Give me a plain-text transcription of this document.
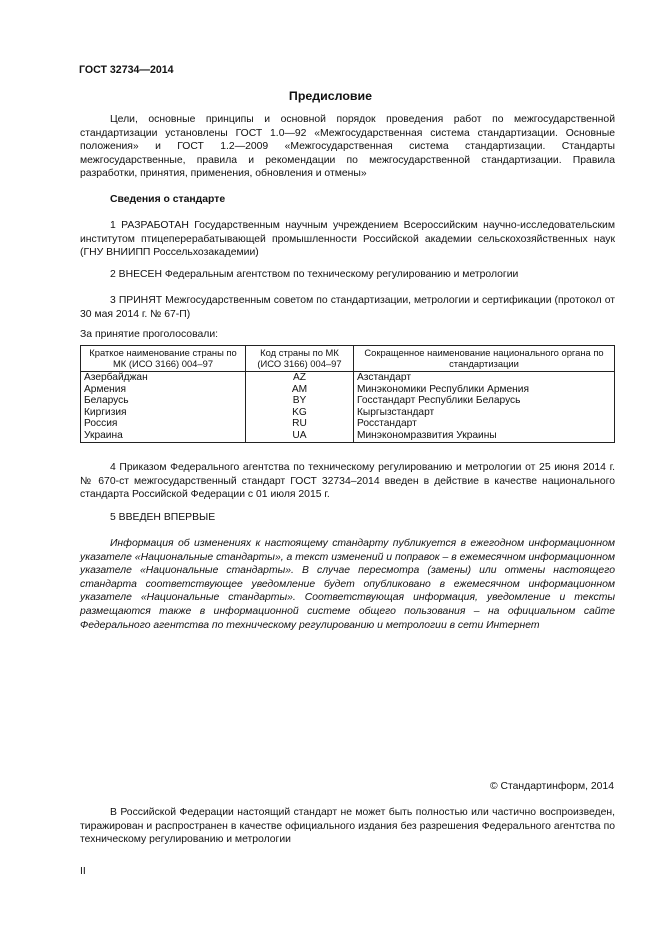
ГОСТ 32734—2014
Предисловие

Цели, основные принципы и основной порядок проведения работ по межгосударственной стандартизации установлены ГОСТ 1.0—92 «Межгосударственная система стандартизации. Основные положения» и ГОСТ 1.2—2009 «Межгосударственная система стандартизации. Стандарты межгосударственные, правила и рекомендации по межгосударственной стандартизации. Правила разработки, принятия, применения, обновления и отмены»

Сведения о стандарте

1 РАЗРАБОТАН Государственным научным учреждением Всероссийским научно-исследовательским институтом птицеперерабатывающей промышленности Российской академии сельскохозяйственных наук (ГНУ ВНИИПП Россельхозакадемии)

2 ВНЕСЕН Федеральным агентством по техническому регулированию и метрологии

3 ПРИНЯТ Межгосударственным советом по стандартизации, метрологии и сертификации (протокол от 30 мая 2014 г. № 67-П)

За принятие проголосовали:

Краткое наименование страны по МК (ИСО 3166) 004–97	Код страны по МК (ИСО 3166) 004–97	Сокращенное наименование национального органа по стандартизации
Азербайджан	AZ	Азстандарт
Армения	AM	Минэкономики Республики Армения
Беларусь	BY	Госстандарт Республики Беларусь
Киргизия	KG	Кыргызстандарт
Россия	RU	Росстандарт
Украина	UA	Минэкономразвития Украины

4 Приказом Федерального агентства по техническому регулированию и метрологии от 25 июня 2014 г. № 670-ст межгосударственный стандарт ГОСТ 32734–2014 введен в действие в качестве национального стандарта Российской Федерации с 01 июля 2015 г.

5 ВВЕДЕН ВПЕРВЫЕ

Информация об изменениях к настоящему стандарту публикуется в ежегодном информационном указателе «Национальные стандарты», а текст изменений и поправок – в ежемесячном информационном указателе «Национальные стандарты». В случае пересмотра (замены) или отмены настоящего стандарта соответствующее уведомление будет опубликовано в ежемесячном информационном указателе «Национальные стандарты». Соответствующая информация, уведомление и тексты размещаются также в информационной системе общего пользования – на официальном сайте Федерального агентства по техническому регулированию и метрологии в сети Интернет

© Стандартинформ, 2014

В Российской Федерации настоящий стандарт не может быть полностью или частично воспроизведен, тиражирован и распространен в качестве официального издания без разрешения Федерального агентства по техническому регулированию и метрологии

II
